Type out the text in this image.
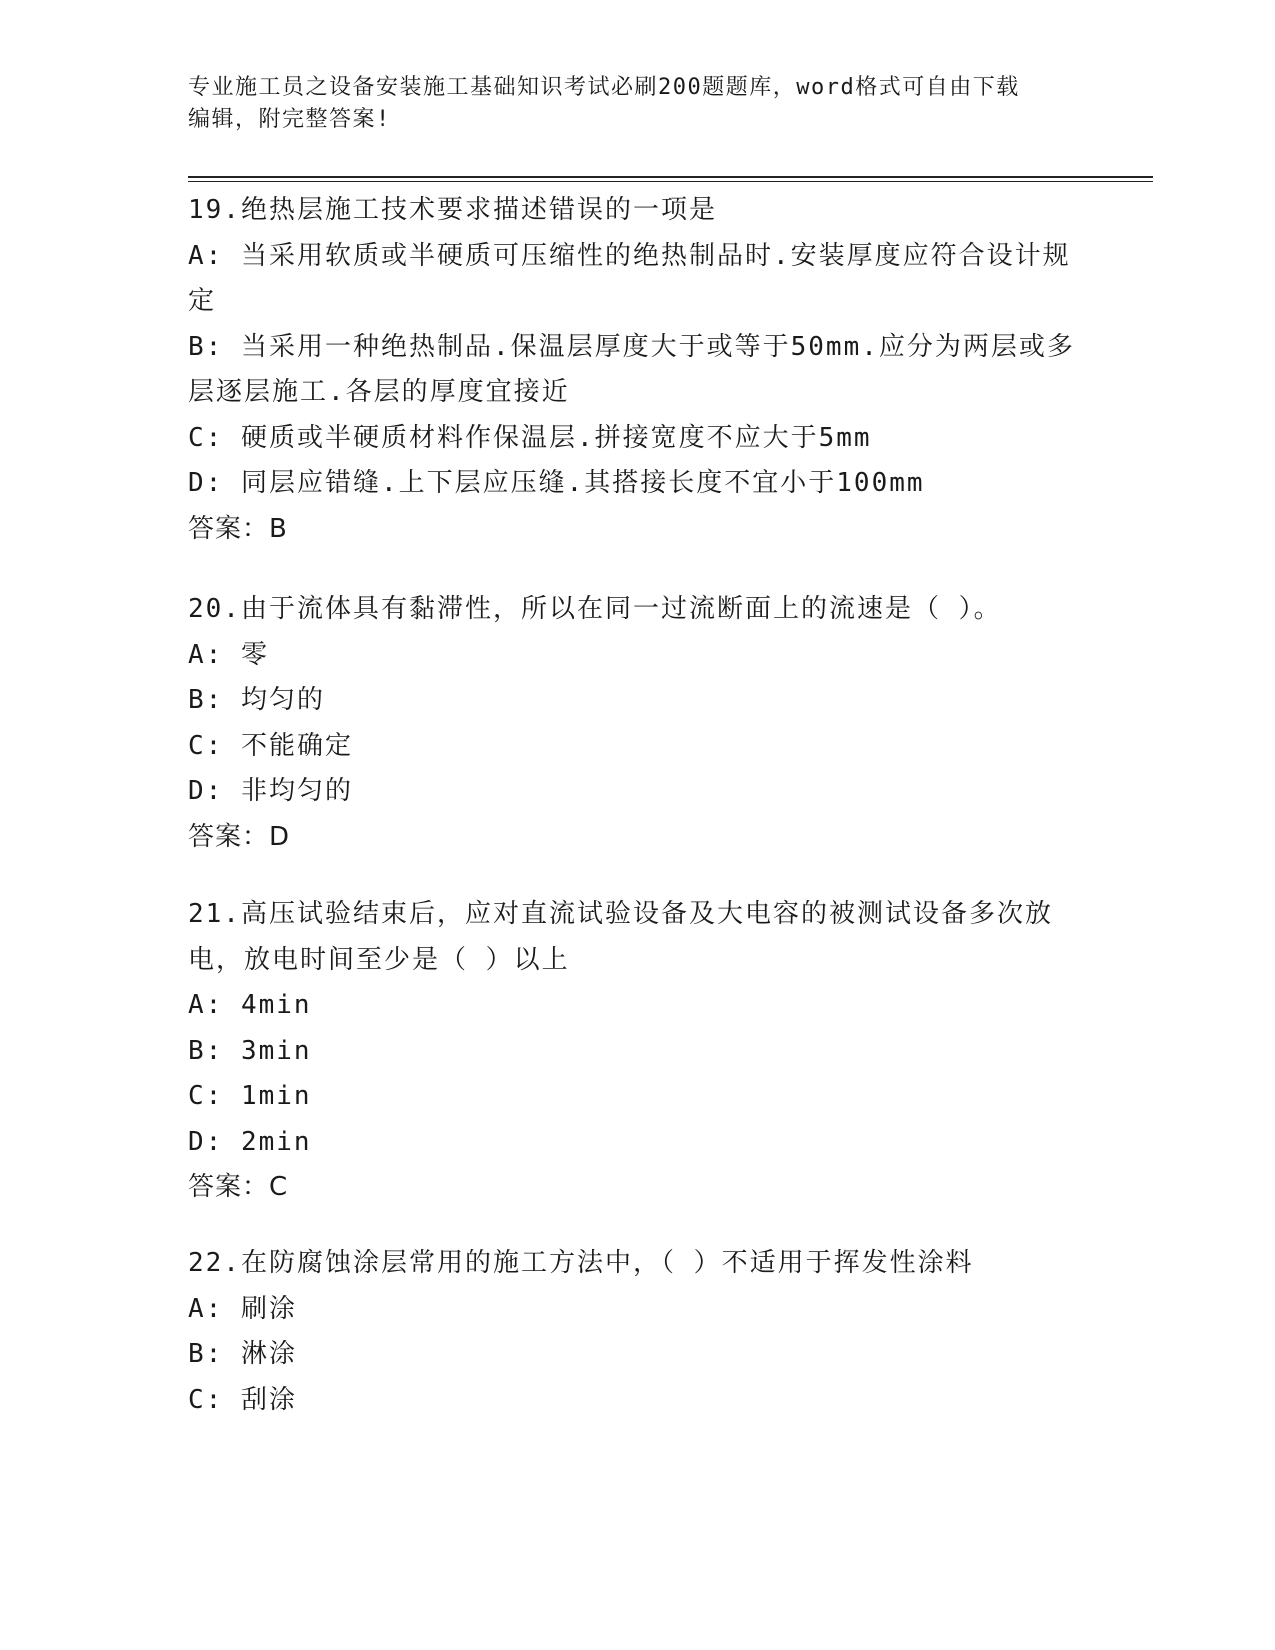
专业施工员之设备安装施工基础知识考试必刷200题题库，word格式可自由下载
编辑，附完整答案!
19.绝热层施工技术要求描述错误的一项是
A: 当采用软质或半硬质可压缩性的绝热制品时.安装厚度应符合设计规定
B: 当采用一种绝热制品.保温层厚度大于或等于50mm.应分为两层或多层逐层施工.各层的厚度宜接近
C: 硬质或半硬质材料作保温层.拼接宽度不应大于5mm
D: 同层应错缝.上下层应压缝.其搭接长度不宜小于100mm
答案：B
20.由于流体具有黏滞性，所以在同一过流断面上的流速是（ ）。
A: 零
B: 均匀的
C: 不能确定
D: 非均匀的
答案：D
21.高压试验结束后，应对直流试验设备及大电容的被测试设备多次放电，放电时间至少是（ ）以上
A: 4min
B: 3min
C: 1min
D: 2min
答案：C
22.在防腐蚀涂层常用的施工方法中，（ ）不适用于挥发性涂料
A: 刷涂
B: 淋涂
C: 刮涂
